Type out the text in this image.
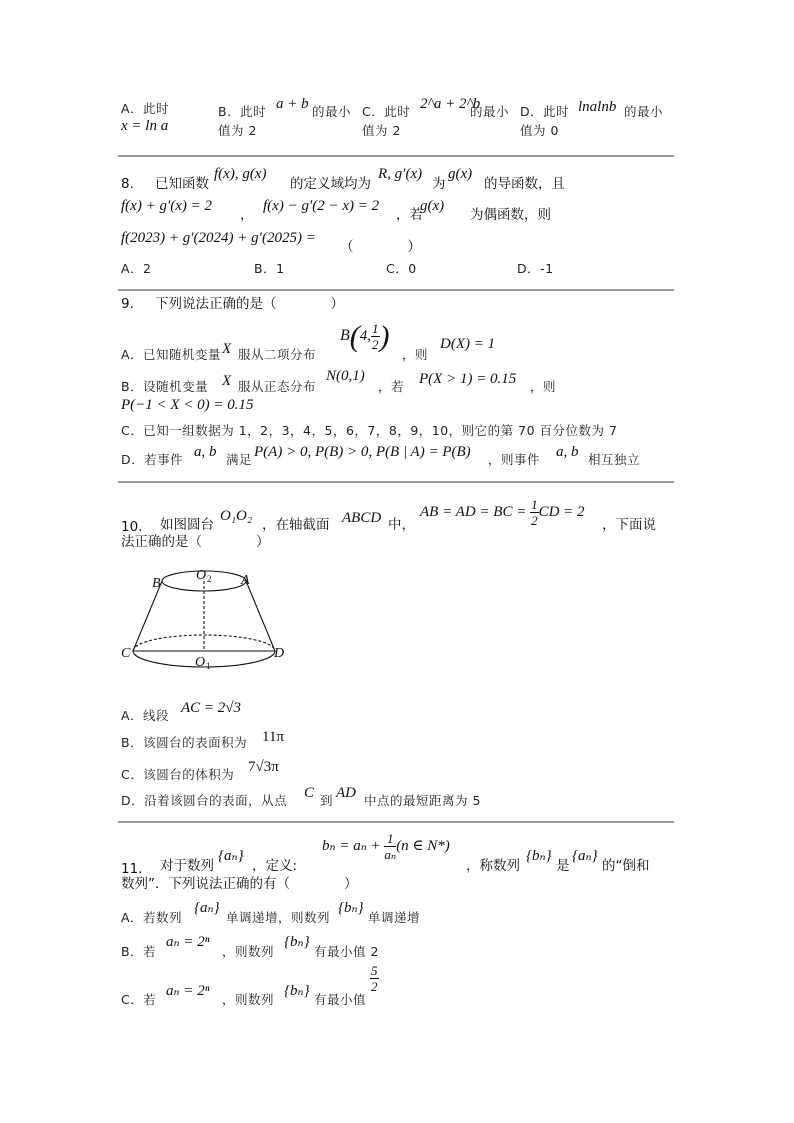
A．此时
x = ln a
B．此时 a + b 的最小
值为 2
C．此时 2^a + 2^b
的最小
值为 2
D．此时 lnalnb 的最小
值为 0
8. 已知函数
f(x), g(x)
的定义域均为
R, g′(x)
为
g(x)
的导函数，且
f(x) + g′(x) = 2
，
f(x) − g′(2 − x) = 2
，若
g(x)
为偶函数，则
f(2023) + g′(2024) + g′(2025) =
（　　　　）
A．2	B．1	C．0	D．-1
9. 下列说法正确的是（　　　　）
A．已知随机变量 X 服从二项分布
B(4, $\frac{1}{2}$ )
，则
D(X) = 1
B．设随机变量 X 服从正态分布
N(0,1)
，若 P(X > 1) = 0.15 ，则
P(−1 < X < 0) = 0.15
C．已知一组数据为 1，2，3，4，5，6，7，8，9，10，则它的第 70 百分位数为 7
D．若事件 a, b 满足 P(A) > 0, P(B) > 0, P(B | A) = P(B) ，则事件 a, b 相互独立
10. 如图圆台
O₁O₂
，在轴截面 ABCD 中，
AB = AD = BC = $\frac{1}{2}$ CD = 2
，下面说
法正确的是（　　　　）
B
O 2 A
C
O 1
D
A．线段 AC = 2√3
B．该圆台的表面积为 11π
C．该圆台的体积为 7√3π
D．沿着该圆台的表面，从点 C 到 AD 中点的最短距离为 5
11. 对于数列
{aₙ}
，定义:
$b_n = a_n + \frac{1}{\text{aₙ}} (n$ ∈ N*)
，称数列
{bₙ}
是
{aₙ}
的“倒和
数列”．下列说法正确的有（　　　　）
A．若数列
{aₙ}
单调递增，则数列
{bₙ}
单调递增
B．若
aₙ = 2ⁿ
，则数列
{bₙ}
有最小值 2
C．若
aₙ = 2ⁿ
，则数列
{bₙ}
有最小值
$\frac{5}{2}$
